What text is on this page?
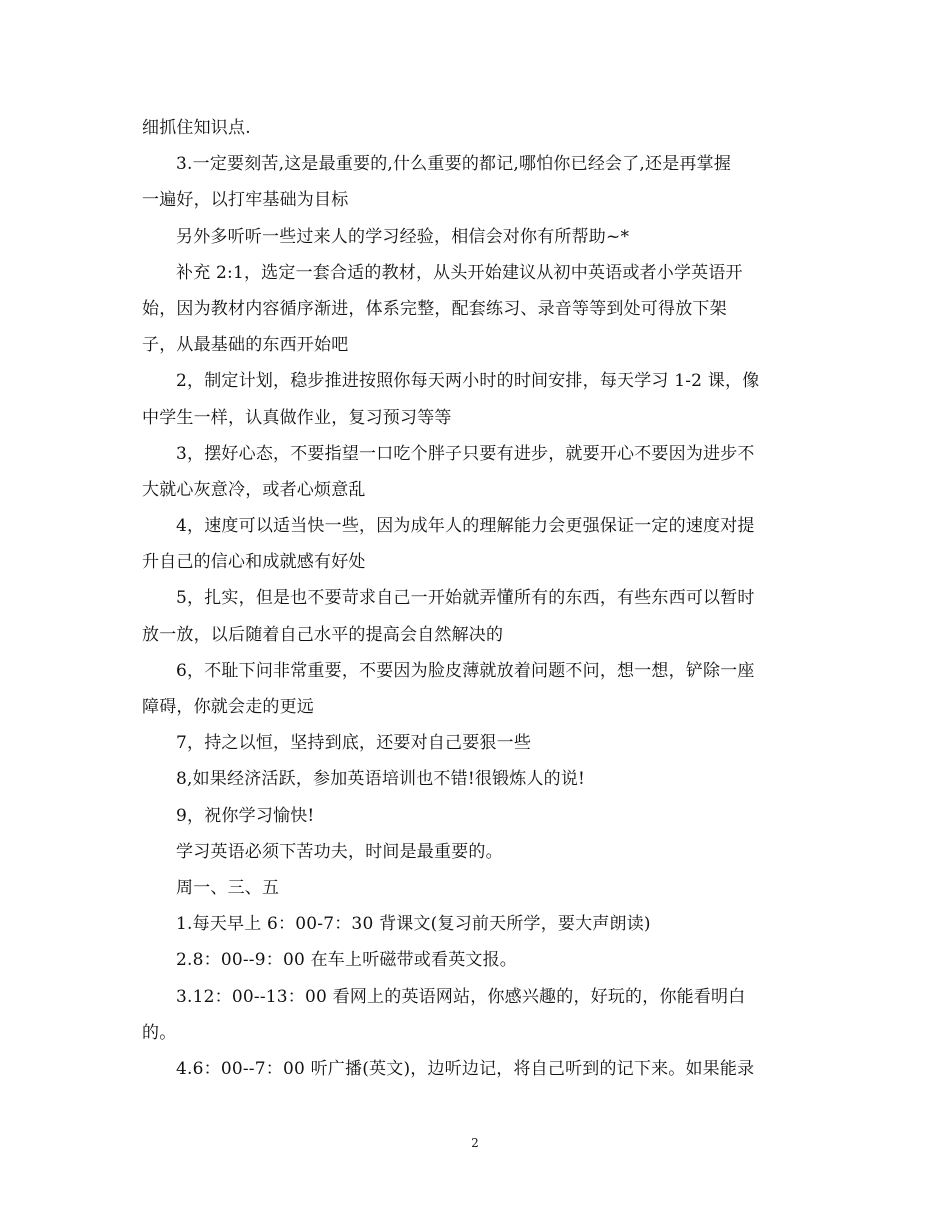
细抓住知识点.
3.一定要刻苦,这是最重要的,什么重要的都记,哪怕你已经会了,还是再掌握
一遍好，以打牢基础为目标
另外多听听一些过来人的学习经验，相信会对你有所帮助~*
补充 2:1，选定一套合适的教材，从头开始建议从初中英语或者小学英语开
始，因为教材内容循序渐进，体系完整，配套练习、录音等等到处可得放下架
子，从最基础的东西开始吧
2，制定计划，稳步推进按照你每天两小时的时间安排，每天学习 1-2 课，像
中学生一样，认真做作业，复习预习等等
3，摆好心态，不要指望一口吃个胖子只要有进步，就要开心不要因为进步不
大就心灰意冷，或者心烦意乱
4，速度可以适当快一些，因为成年人的理解能力会更强保证一定的速度对提
升自己的信心和成就感有好处
5，扎实，但是也不要苛求自己一开始就弄懂所有的东西，有些东西可以暂时
放一放，以后随着自己水平的提高会自然解决的
6，不耻下问非常重要，不要因为脸皮薄就放着问题不问，想一想，铲除一座
障碍，你就会走的更远
7，持之以恒，坚持到底，还要对自己要狠一些
8,如果经济活跃，参加英语培训也不错!很锻炼人的说!
9，祝你学习愉快!
学习英语必须下苦功夫，时间是最重要的。
周一、三、五
1.每天早上 6：00-7：30 背课文(复习前天所学，要大声朗读)
2.8：00--9：00 在车上听磁带或看英文报。
3.12：00--13：00 看网上的英语网站，你感兴趣的，好玩的，你能看明白
的。
4.6：00--7：00 听广播(英文)，边听边记，将自己听到的记下来。如果能录
2
